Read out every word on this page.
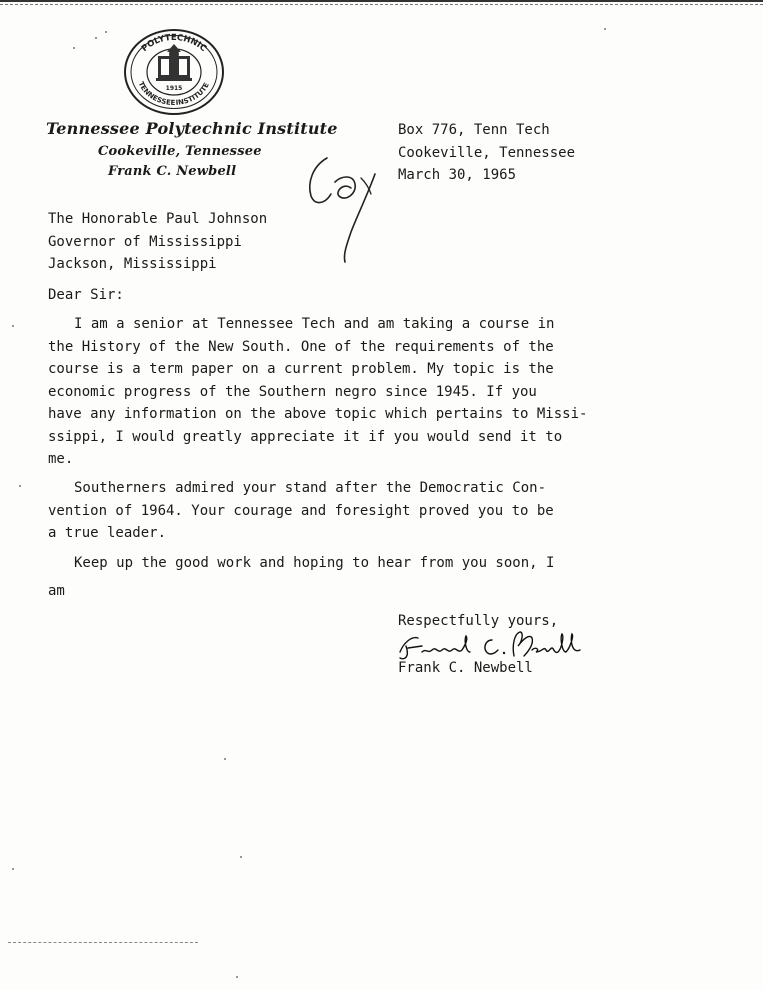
POLYTECHNIC
TENNESSEE INSTITUTE
1915
Tennessee Polytechnic Institute
Cookeville, Tennessee
Frank C. Newbell
Box 776, Tenn Tech
Cookeville, Tennessee
March 30, 1965
The Honorable Paul Johnson
Governor of Mississippi
Jackson, Mississippi
Dear Sir:
I am a senior at Tennessee Tech and am taking a course in
the History of the New South. One of the requirements of the
course is a term paper on a current problem. My topic is the
economic progress of the Southern negro since 1945. If you
have any information on the above topic which pertains to Missi-
ssippi, I would greatly appreciate it if you would send it to
me.
Southerners admired your stand after the Democratic Con-
vention of 1964. Your courage and foresight proved you to be
a true leader.
Keep up the good work and hoping to hear from you soon, I
am
Respectfully yours,
Frank C. Newbell
